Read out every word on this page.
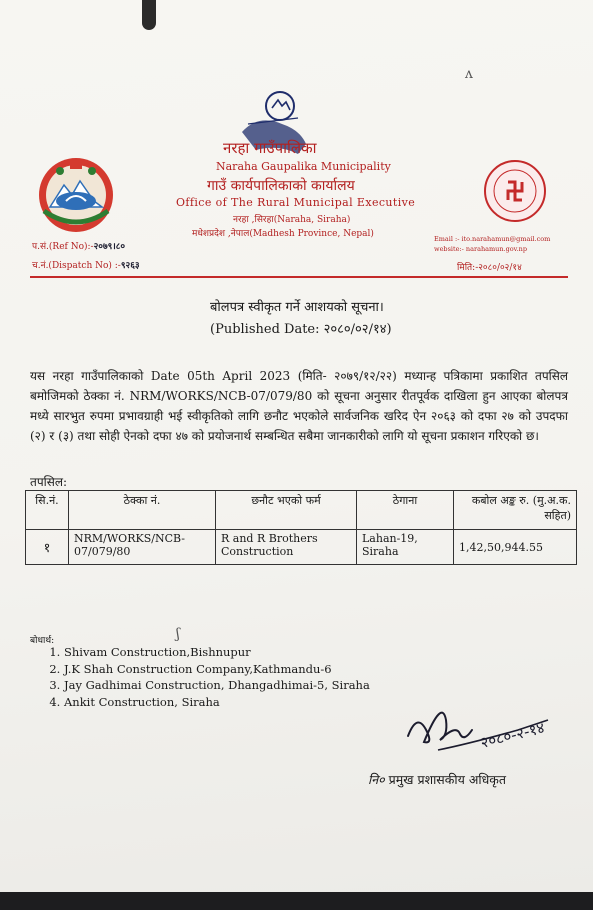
नरहा गाउँपालिका
Naraha Gaupalika Municipality
गाउँ कार्यपालिकाको कार्यालय
Office of The Rural Municipal Executive
नरहा ,सिरहा(Naraha, Siraha)
मधेशप्रदेश ,नेपाल(Madhesh Province, Nepal)
प.सं.(Ref No):-२०७९।८०
च.नं.(Dispatch No) :-९२६३
Email :- ito.narahamun@gmail.com
website:- narahamun.gov.np
मिति:-२०८०/०२/१४
बोलपत्र स्वीकृत गर्ने आशयको सूचना।
(Published Date: २०८०/०२/१४)
यस नरहा गाउँपालिकाको Date 05th April 2023 (मिति- २०७९/१२/२२) मध्यान्ह पत्रिकामा प्रकाशित तपसिल बमोजिमको ठेक्का नं. NRM/WORKS/NCB-07/079/80 को सूचना अनुसार रीतपूर्वक दाखिला हुन आएका बोलपत्र मध्ये सारभुत रुपमा प्रभावग्राही भई स्वीकृतिको लागि छनौट भएकोले सार्वजनिक खरिद ऐन २०६३ को दफा २७ को उपदफा (२) र (३) तथा सोही ऐनको दफा ४७ को प्रयोजनार्थ सम्बन्धित सबैमा जानकारीको लागि यो सूचना प्रकाशन गरिएको छ।
तपसिल:
सि.नं.	ठेक्का नं.	छनौट भएको फर्म	ठेगाना	कबोल अङ्क रु. (मु.अ.क. सहित)
१	NRM/WORKS/NCB-07/079/80	R and R Brothers Construction	Lahan-19, Siraha	1,42,50,944.55
बोधार्थ:
1. Shivam Construction,Bishnupur
2. J.K Shah Construction Company,Kathmandu-6
3. Jay Gadhimai Construction, Dhangadhimai-5, Siraha
4. Ankit Construction, Siraha
२०८०-२-१४
नि० प्रमुख प्रशासकीय अधिकृत
ʌ
ʃ
